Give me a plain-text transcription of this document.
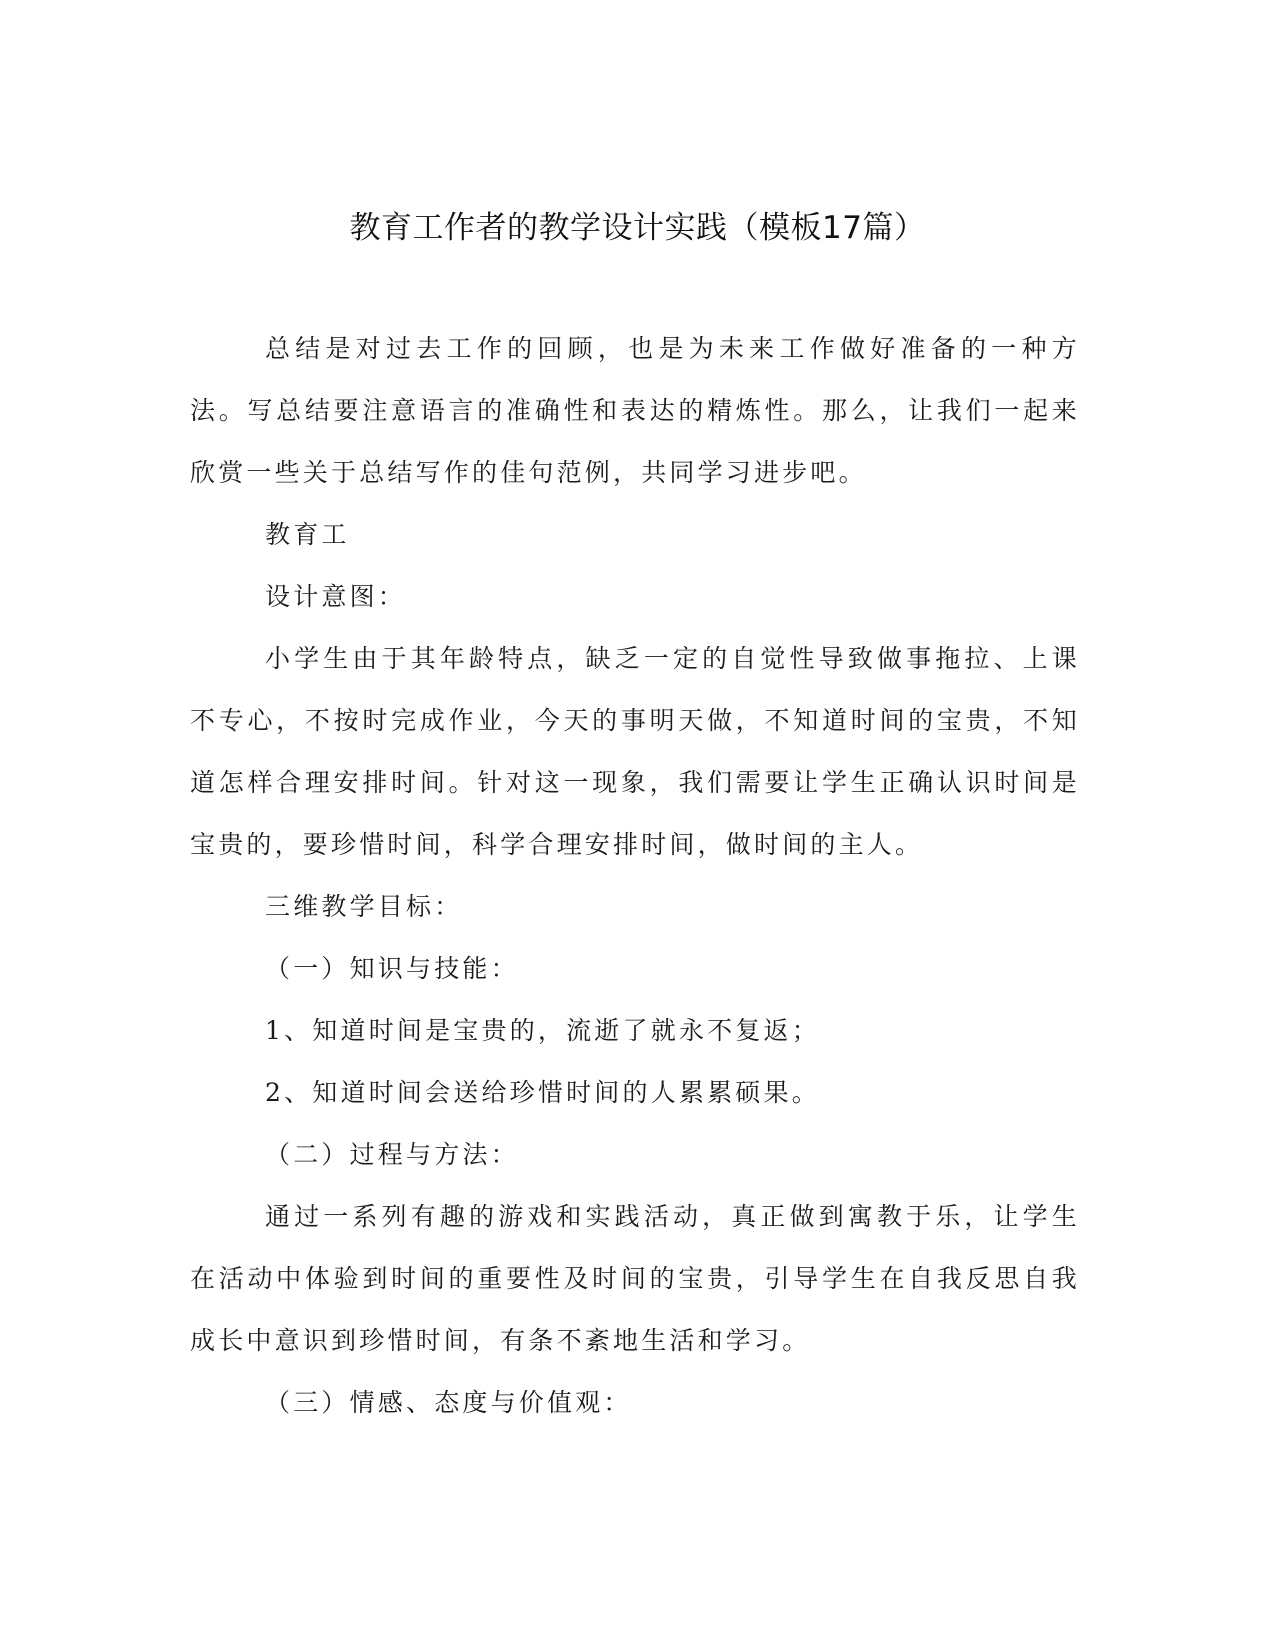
教育工作者的教学设计实践（模板17篇）

总结是对过去工作的回顾，也是为未来工作做好准备的一种方法。写总结要注意语言的准确性和表达的精炼性。那么，让我们一起来欣赏一些关于总结写作的佳句范例，共同学习进步吧。

教育工

设计意图：

小学生由于其年龄特点，缺乏一定的自觉性导致做事拖拉、上课不专心，不按时完成作业，今天的事明天做，不知道时间的宝贵，不知道怎样合理安排时间。针对这一现象，我们需要让学生正确认识时间是宝贵的，要珍惜时间，科学合理安排时间，做时间的主人。

三维教学目标：

（一）知识与技能：

1、知道时间是宝贵的，流逝了就永不复返；

2、知道时间会送给珍惜时间的人累累硕果。

（二）过程与方法：

通过一系列有趣的游戏和实践活动，真正做到寓教于乐，让学生在活动中体验到时间的重要性及时间的宝贵，引导学生在自我反思自我成长中意识到珍惜时间，有条不紊地生活和学习。

（三）情感、态度与价值观：
